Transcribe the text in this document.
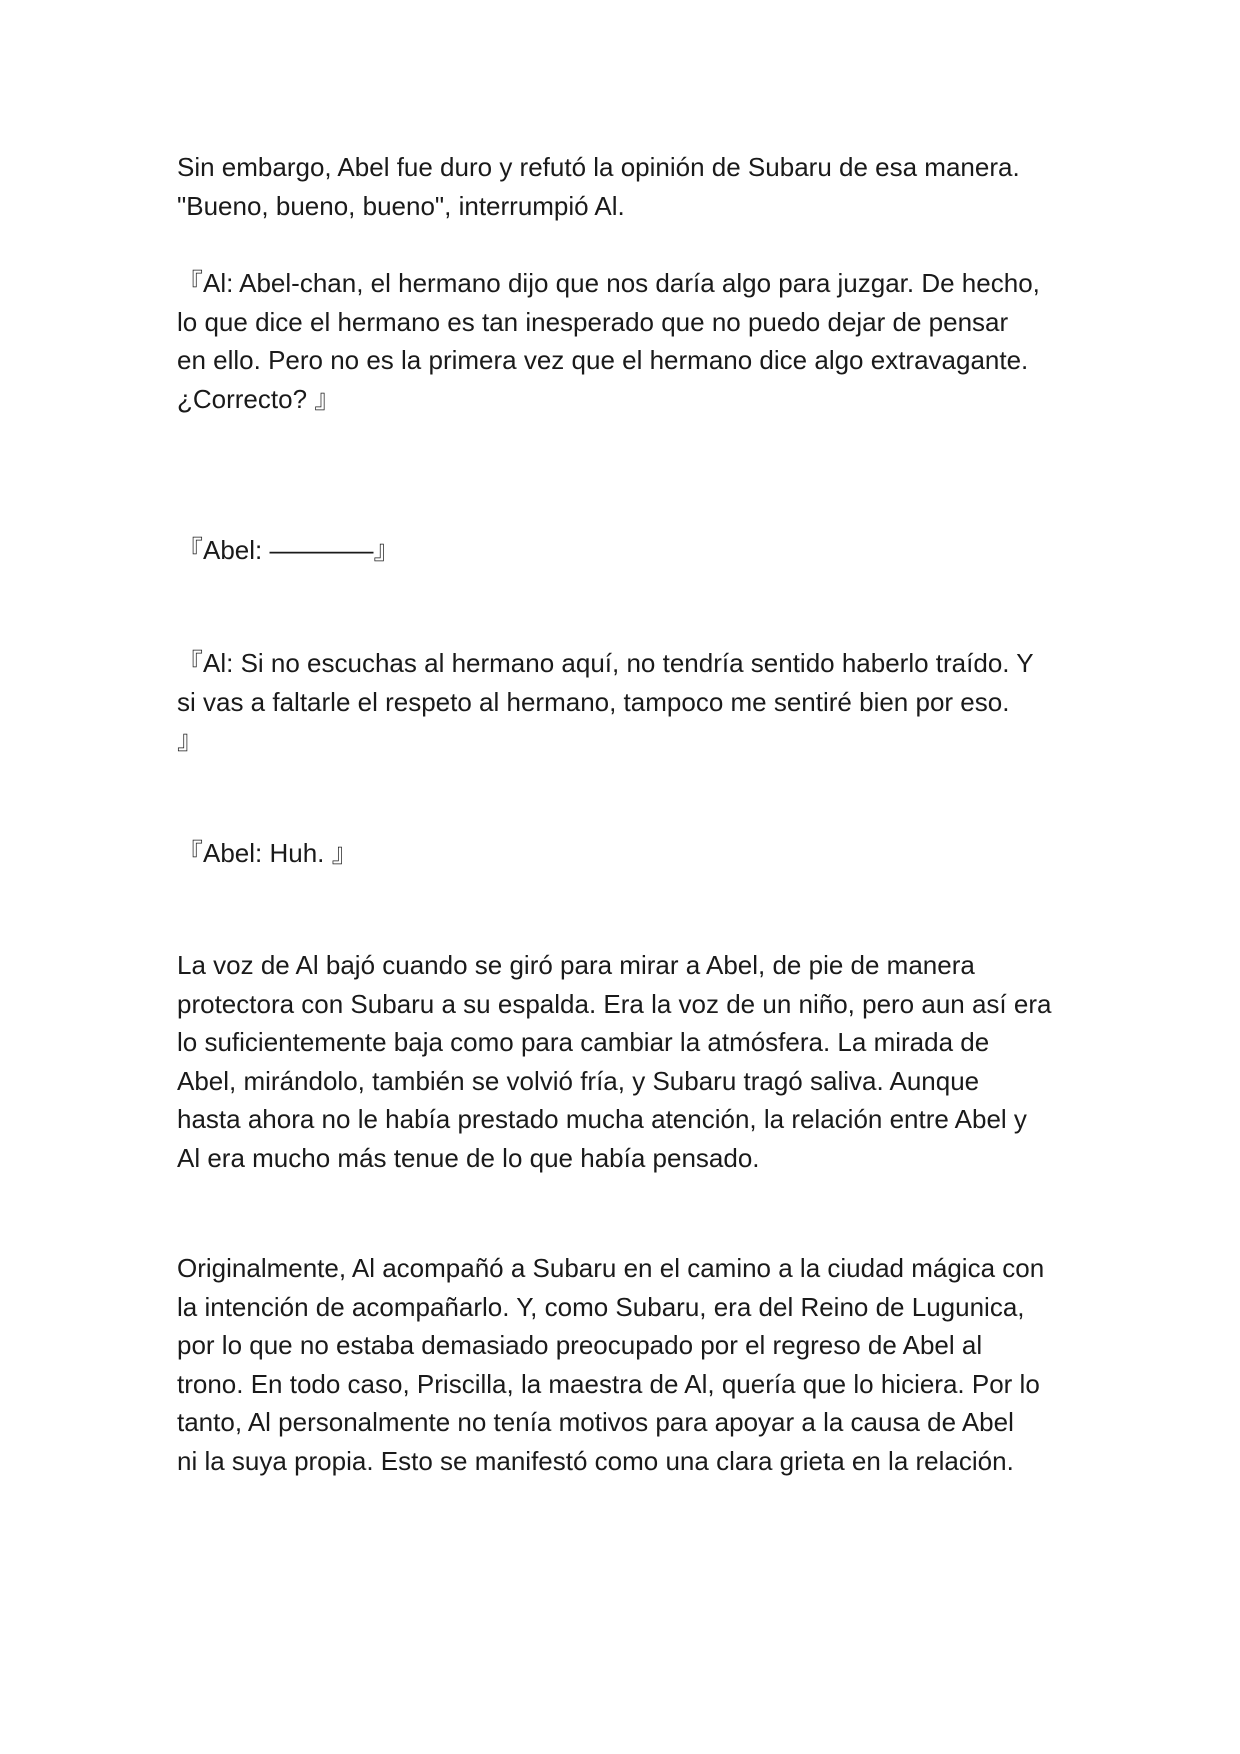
Sin embargo, Abel fue duro y refutó la opinión de Subaru de esa manera.
"Bueno, bueno, bueno", interrumpió Al.
『Al: Abel-chan, el hermano dijo que nos daría algo para juzgar. De hecho,
lo que dice el hermano es tan inesperado que no puedo dejar de pensar
en ello. Pero no es la primera vez que el hermano dice algo extravagante.
¿Correcto? 』
『Abel: ————』
『Al: Si no escuchas al hermano aquí, no tendría sentido haberlo traído. Y
si vas a faltarle el respeto al hermano, tampoco me sentiré bien por eso.
』
『Abel: Huh. 』
La voz de Al bajó cuando se giró para mirar a Abel, de pie de manera
protectora con Subaru a su espalda. Era la voz de un niño, pero aun así era
lo suficientemente baja como para cambiar la atmósfera. La mirada de
Abel, mirándolo, también se volvió fría, y Subaru tragó saliva. Aunque
hasta ahora no le había prestado mucha atención, la relación entre Abel y
Al era mucho más tenue de lo que había pensado.
Originalmente, Al acompañó a Subaru en el camino a la ciudad mágica con
la intención de acompañarlo. Y, como Subaru, era del Reino de Lugunica,
por lo que no estaba demasiado preocupado por el regreso de Abel al
trono. En todo caso, Priscilla, la maestra de Al, quería que lo hiciera. Por lo
tanto, Al personalmente no tenía motivos para apoyar a la causa de Abel
ni la suya propia. Esto se manifestó como una clara grieta en la relación.
